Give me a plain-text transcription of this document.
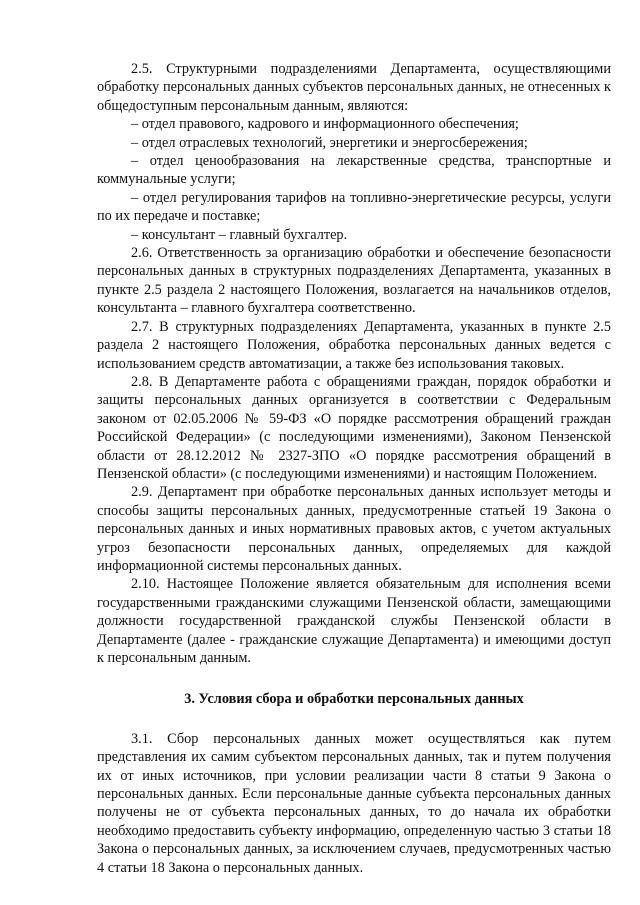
2.5. Структурными подразделениями Департамента, осуществляющими обработку персональных данных субъектов персональных данных, не отнесенных к общедоступным персональным данным, являются:

– отдел правового, кадрового и информационного обеспечения;

– отдел отраслевых технологий, энергетики и энергосбережения;

– отдел ценообразования на лекарственные средства, транспортные и коммунальные услуги;

– отдел регулирования тарифов на топливно-энергетические ресурсы, услуги по их передаче и поставке;

– консультант – главный бухгалтер.

2.6. Ответственность за организацию обработки и обеспечение безопасности персональных данных в структурных подразделениях Департамента, указанных в пункте 2.5 раздела 2 настоящего Положения, возлагается на начальников отделов, консультанта – главного бухгалтера соответственно.

2.7. В структурных подразделениях Департамента, указанных в пункте 2.5 раздела 2 настоящего Положения, обработка персональных данных ведется с использованием средств автоматизации, а также без использования таковых.

2.8. В Департаменте работа с обращениями граждан, порядок обработки и защиты персональных данных организуется в соответствии с Федеральным законом от 02.05.2006 № 59-ФЗ «О порядке рассмотрения обращений граждан Российской Федерации» (с последующими изменениями), Законом Пензенской области от 28.12.2012 № 2327-ЗПО «О порядке рассмотрения обращений в Пензенской области» (с последующими изменениями) и настоящим Положением.

2.9. Департамент при обработке персональных данных использует методы и способы защиты персональных данных, предусмотренные статьей 19 Закона о персональных данных и иных нормативных правовых актов, с учетом актуальных угроз безопасности персональных данных, определяемых для каждой информационной системы персональных данных.

2.10. Настоящее Положение является обязательным для исполнения всеми государственными гражданскими служащими Пензенской области, замещающими должности государственной гражданской службы Пензенской области в Департаменте (далее - гражданские служащие Департамента) и имеющими доступ к персональным данным.

3. Условия сбора и обработки персональных данных

3.1. Сбор персональных данных может осуществляться как путем представления их самим субъектом персональных данных, так и путем получения их от иных источников, при условии реализации части 8 статьи 9 Закона о персональных данных. Если персональные данные субъекта персональных данных получены не от субъекта персональных данных, то до начала их обработки необходимо предоставить субъекту информацию, определенную частью 3 статьи 18 Закона о персональных данных, за исключением случаев, предусмотренных частью 4 статьи 18 Закона о персональных данных.
